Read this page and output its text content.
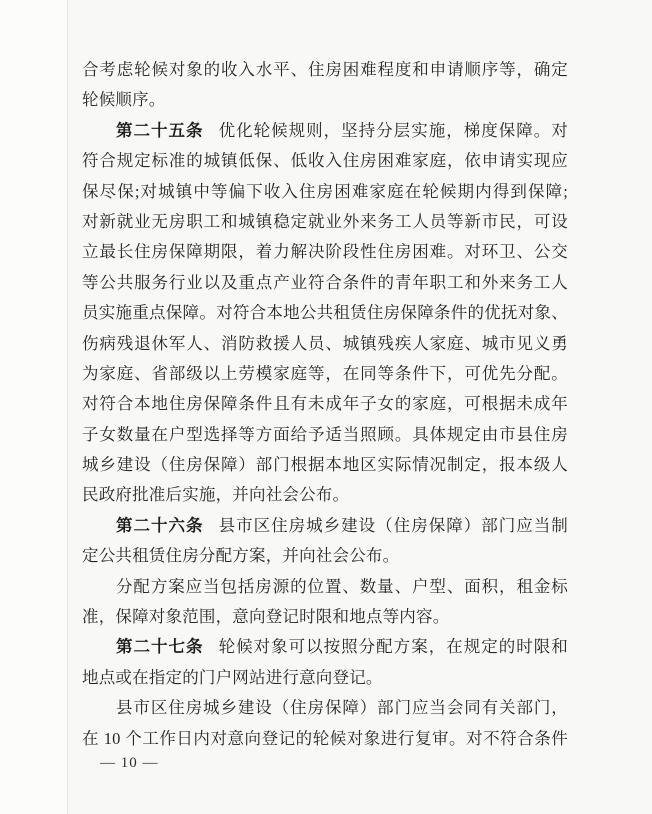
合考虑轮候对象的收入水平、住房困难程度和申请顺序等，确定
轮候顺序。
第二十五条 优化轮候规则，坚持分层实施，梯度保障。对
符合规定标准的城镇低保、低收入住房困难家庭，依申请实现应
保尽保;对城镇中等偏下收入住房困难家庭在轮候期内得到保障;
对新就业无房职工和城镇稳定就业外来务工人员等新市民，可设
立最长住房保障期限，着力解决阶段性住房困难。对环卫、公交
等公共服务行业以及重点产业符合条件的青年职工和外来务工人
员实施重点保障。对符合本地公共租赁住房保障条件的优抚对象、
伤病残退休军人、消防救援人员、城镇残疾人家庭、城市见义勇
为家庭、省部级以上劳模家庭等，在同等条件下，可优先分配。
对符合本地住房保障条件且有未成年子女的家庭，可根据未成年
子女数量在户型选择等方面给予适当照顾。具体规定由市县住房
城乡建设（住房保障）部门根据本地区实际情况制定，报本级人
民政府批准后实施，并向社会公布。
第二十六条 县市区住房城乡建设（住房保障）部门应当制
定公共租赁住房分配方案，并向社会公布。
分配方案应当包括房源的位置、数量、户型、面积，租金标
准，保障对象范围，意向登记时限和地点等内容。
第二十七条 轮候对象可以按照分配方案，在规定的时限和
地点或在指定的门户网站进行意向登记。
县市区住房城乡建设（住房保障）部门应当会同有关部门，
在 10 个工作日内对意向登记的轮候对象进行复审。对不符合条件
— 10 —
